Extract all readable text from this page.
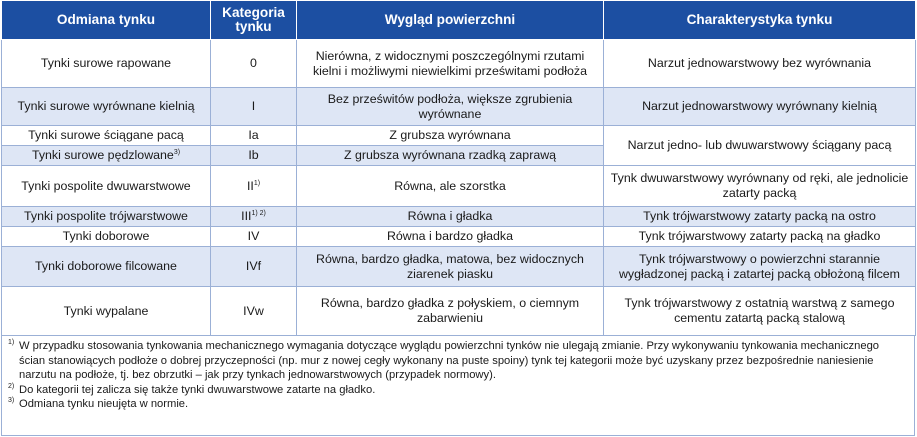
Odmiana tynku	Kategoria tynku	Wygląd powierzchni	Charakterystyka tynku
Tynki surowe rapowane	0	Nierówna, z widocznymi poszczególnymi rzutami kielni i możliwymi niewielkimi prześwitami podłoża	Narzut jednowarstwowy bez wyrównania
Tynki surowe wyrównane kielnią	I	Bez prześwitów podłoża, większe zgrubienia wyrównane	Narzut jednowarstwowy wyrównany kielnią
Tynki surowe ściągane pacą	Ia	Z grubsza wyrównana	Narzut jedno- lub dwuwarstwowy ściągany pacą
Tynki surowe pędzlowane$^{3)}$	Ib	Z grubsza wyrównana rzadką zaprawą	
Tynki pospolite dwuwarstwowe	II$^{1)}$	Równa, ale szorstka	Tynk dwuwarstwowy wyrównany od ręki, ale jednolicie zatarty packą
Tynki pospolite trójwarstwowe	$III^{1) 2)}$	Równa i gładka	Tynk trójwarstwowy zatarty packą na ostro
Tynki doborowe	IV	Równa i bardzo gładka	Tynk trójwarstwowy zatarty packą na gładko
Tynki doborowe filcowane	IVf	Równa, bardzo gładka, matowa, bez widocznych ziarenek piasku	Tynk trójwarstwowy o powierzchni starannie wygładzonej packą i zatartej packą obłożoną filcem
Tynki wypalane	IVw	Równa, bardzo gładka z połyskiem, o ciemnym zabarwieniu	Tynk trójwarstwowy z ostatnią warstwą z samego cementu zatartą packą stalową
1) W przypadku stosowania tynkowania mechanicznego wymagania dotyczące wyglądu powierzchni tynków nie ulegają zmianie. Przy wykonywaniu tynkowania mechanicznego ścian stanowiących podłoże o dobrej przyczepności (np. mur z nowej cegły wykonany na puste spoiny) tynk tej kategorii może być uzyskany przez bezpośrednie naniesienie narzutu na podłoże, tj. bez obrzutki – jak przy tynkach jednowarstwowych (przypadek normowy).
2) Do kategorii tej zalicza się także tynki dwuwarstwowe zatarte na gładko.
3) Odmiana tynku nieujęta w normie.
